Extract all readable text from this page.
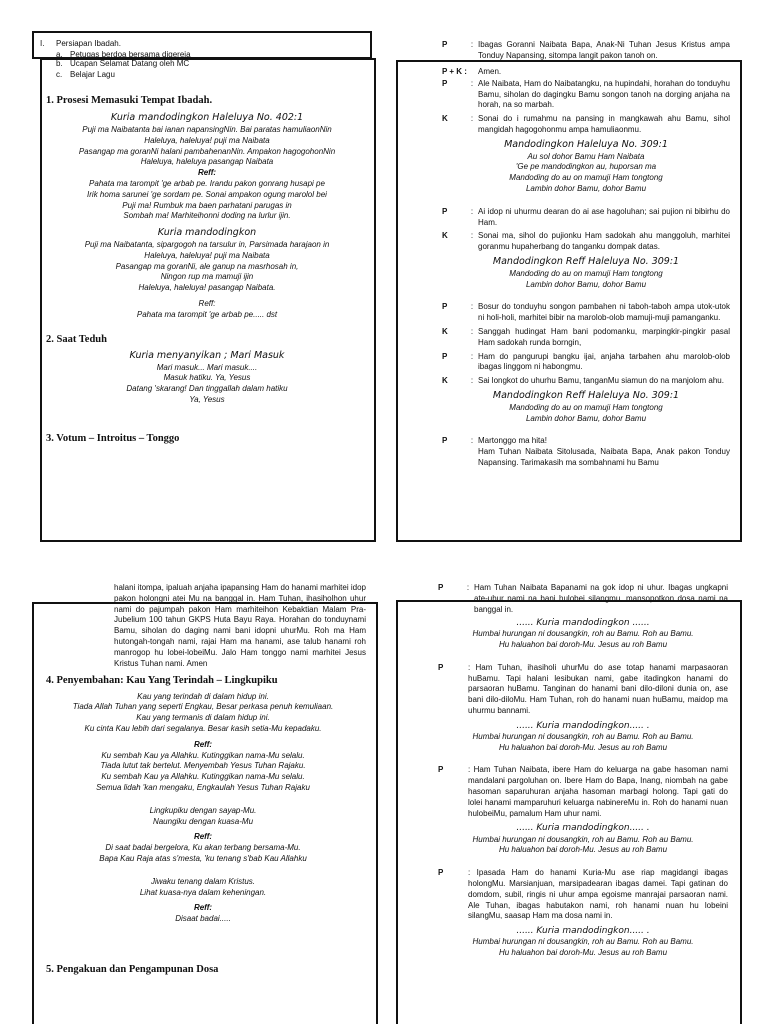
I.	Persiapan Ibadah.
a. Petugas berdoa bersama digereja
b. Ucapan Selamat Datang oleh MC
c. Belajar Lagu
1. Prosesi Memasuki Tempat Ibadah.
Kuria mandodingkon Haleluya No. 402:1
Puji ma Naibatanta bai ianan napansingNin. Bai paratas hamuliaonNin
Haleluya, haleluya! puji ma Naibata
Pasangap ma goranNi halani pambahenanNin. Ampakon hagogohonNin
Haleluya, haleluya pasangap Naibata
Reff:
Pahata ma tarompit 'ge arbab pe. Irandu pakon gonrang husapi pe
Irik homa sarunei 'ge sordam pe. Sonai ampakon ogung marolol bei
Puji ma! Rumbuk ma baen parhatani parugas in
Sombah ma! Marhiteihonni doding na lurlur ijin.
Kuria mandodingkon
Puji ma Naibatanta, sipargogoh na tarsulur in, Parsimada harajaon in
Haleluya, haleluya! puji ma Naibata
Pasangap ma goranNi, ale ganup na masrhosah in,
Ningon rup ma mamuji ijin
Haleluya, haleluya! pasangap Naibata.
Reff:
Pahata ma tarompit 'ge arbab pe..... dst
2. Saat Teduh
Kuria menyanyikan ; Mari Masuk
Mari masuk... Mari masuk....
Masuk hatiku. Ya, Yesus
Datang 'skarang! Dan tinggallah dalam hatiku
Ya, Yesus
3. Votum – Introitus – Tonggo
P	: Ibagas Goranni Naibata Bapa, Anak-Ni Tuhan Jesus Kristus ampa Tonduy Napansing, sitompa langit pakon tanoh on.
P + K :	Amen.
P	: Ale Naibata, Ham do Naibatangku, na hupindahi, horahan do tonduyhu Bamu, siholan do dagingku Bamu songon tanoh na dorging anjaha na horah, na so marbah.
K	: Sonai do i rumahmu na pansing in mangkawah ahu Bamu, sihol mangidah hagogohonmu ampa hamuliaonmu.
Mandodingkon Haleluya No. 309:1
Au sol dohor Bamu Ham Naibata
'Ge pe mandodingkon au, huporsan ma
Mandoding do au on mamuji Ham tongtong
Lambin dohor Bamu, dohor Bamu
P	: Ai idop ni uhurmu dearan do ai ase hagoluhan; sai pujion ni bibirhu do Ham.
K	: Sonai ma, sihol do pujionku Ham sadokah ahu manggoluh, marhitei goranmu hupaherbang do tanganku dompak datas.
Mandodingkon Reff Haleluya No. 309:1
Mandoding do au on mamuji Ham tongtong
Lambin dohor Bamu, dohor Bamu
P	: Bosur do tonduyhu songon pambahen ni taboh-taboh ampa utok-utok ni holi-holi, marhitei bibir na marolob-olob mamuji-muji pamanganku.
K	: Sanggah hudingat Ham bani podomanku, marpingkir-pingkir pasal Ham sadokah runda borngin,
P	: Ham do pangurupi bangku ijai, anjaha tarbahen ahu marolob-olob ibagas linggom ni habongmu.
K	: Sai longkot do uhurhu Bamu, tanganMu siamun do na manjolom ahu.
Mandodingkon Reff Haleluya No. 309:1
Mandoding do au on mamuji Ham tongtong
Lambin dohor Bamu, dohor Bamu
P	: Martonggo ma hita!
Ham Tuhan Naibata Sitolusada, Naibata Bapa, Anak pakon Tonduy Napansing. Tarimakasih ma sombahnami hu Bamu
halani itompa, ipaluah anjaha ipapansing Ham do hanami marhitei idop pakon holongni atei Mu na banggal in. Ham Tuhan, ihasiholhon uhur nami do pajumpah pakon Ham marhiteihon Kebaktian Malam Pra-Jubelium 100 tahun GKPS Huta Bayu Raya. Horahan do tonduynami Bamu, siholan do daging nami bani idopni uhurMu. Roh ma Ham hutongah-tongah nami, rajai Ham ma hanami, ase talub hanami roh manrogop hu lobei-lobeiMu. Jalo Ham tonggo nami marhitei Jesus Kristus Tuhan nami. Amen
4. Penyembahan: Kau Yang Terindah – Lingkupiku
Kau yang terindah di dalam hidup ini.
Tiada Allah Tuhan yang seperti Engkau, Besar perkasa penuh kemuliaan.
Kau yang termanis di dalam hidup ini.
Ku cinta Kau lebih dari segalanya. Besar kasih setia-Mu kepadaku.
Reff:
Ku sembah Kau ya Allahku. Kutinggikan nama-Mu selalu.
Tiada lutut tak bertelut. Menyembah Yesus Tuhan Rajaku.
Ku sembah Kau ya Allahku. Kutinggikan nama-Mu selalu.
Semua lidah 'kan mengaku, Engkaulah Yesus Tuhan Rajaku
Lingkupiku dengan sayap-Mu.
Naungiku dengan kuasa-Mu
Reff:
Di saat badai bergelora, Ku akan terbang bersama-Mu.
Bapa Kau Raja atas s'mesta, 'ku tenang s'bab Kau Allahku
Jiwaku tenang dalam Kristus.
Lihat kuasa-nya dalam keheningan.
Reff:
Disaat badai.....
5. Pengakuan dan Pengampunan Dosa
P	: Ham Tuhan Naibata Bapanami na gok idop ni uhur. Ibagas ungkapni ate-uhur nami na bani hulobei silangmu, mansopotkon dosa nami na banggal in.
...... Kuria mandodingkon ......
Humbai hurungan ni dousangkin, roh au Bamu. Roh au Bamu.
Hu haluahon bai doroh-Mu. Jesus au roh Bamu
P	: Ham Tuhan, ihasiholi uhurMu do ase totap hanami marpasaoran huBamu. Tapi halani lesibukan nami, gabe itadingkon hanami do parsaoran huBamu. Tanginan do hanami bani dilo-diloni dunia on, ase bani dilo-diloMu. Ham Tuhan, roh do hanami nuan huBamu, maidop ma uhurmu bannami.
...... Kuria mandodingkon..... .
Humbai hurungan ni dousangkin, roh au Bamu. Roh au Bamu.
Hu haluahon bai doroh-Mu. Jesus au roh Bamu
P	: Ham Tuhan Naibata, ibere Ham do keluarga na gabe hasoman nami mandalani pargoluhan on. Ibere Ham do Bapa, Inang, niombah na gabe hasoman saparuhuran anjaha hasoman marbagi holong. Tapi gati do lolei hanami mamparuhuri keluarga nabinereMu in. Roh do hanami nuan hulobeiMu, pamalum Ham uhur nami.
...... Kuria mandodingkon..... .
Humbai hurungan ni dousangkin, roh au Bamu. Roh au Bamu.
Hu haluahon bai doroh-Mu. Jesus au roh Bamu
P	: Ipasada Ham do hanami Kuria-Mu ase riap magidangi ibagas holongMu. Marsianjuan, marsipadearan ibagas damei. Tapi gatinan do domdom, subil, ringis ni uhur ampa egoisme manrajai parsaoran nami. Ale Tuhan, ibagas habutakon nami, roh hanami nuan hu lobeini silangMu, saasap Ham ma dosa nami in.
...... Kuria mandodingkon..... .
Humbai hurungan ni dousangkin, roh au Bamu. Roh au Bamu.
Hu haluahon bai doroh-Mu. Jesus au roh Bamu
